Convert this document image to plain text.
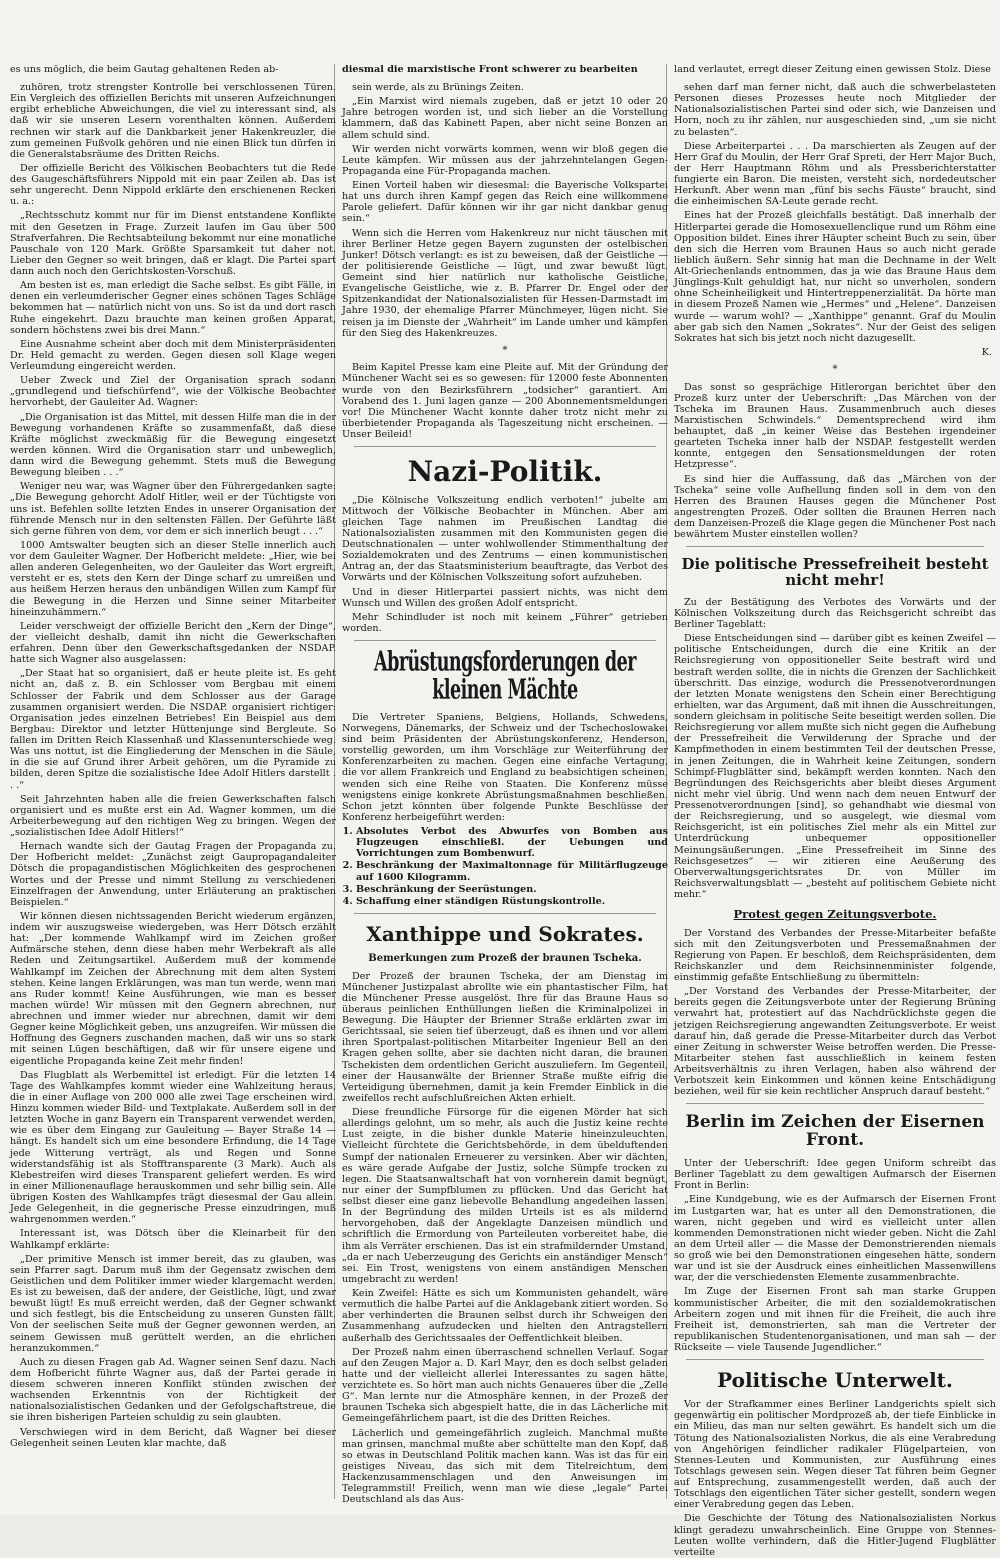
es uns möglich, die beim Gautag gehaltenen Reden ab-	diesmal die marxistische Front schwerer zu bearbeiten	land verlautet, erregt dieser Zeitung einen gewissen Stolz. Diese

zuhören, trotz strengster Kontrolle bei verschlossenen Türen. Ein Vergleich des offiziellen Berichts mit unseren Aufzeichnungen ergibt erhebliche Abweichungen, die viel zu interessant sind, als daß wir sie unseren Lesern vorenthalten können. Außerdem rechnen wir stark auf die Dankbarkeit jener Hakenkreuzler, die zum gemeinen Fußvolk gehören und nie einen Blick tun dürfen in die Generalstabsräume des Dritten Reichs.

Der offizielle Bericht des Völkischen Beobachters tut die Rede des Gaugeschäftsführers Nippold mit ein paar Zeilen ab. Das ist sehr ungerecht. Denn Nippold erklärte den erschienenen Recken u. a.:

„Rechtsschutz kommt nur für im Dienst entstandene Konflikte mit den Gesetzen in Frage. Zurzeit laufen im Gau über 500 Strafverfahren. Die Rechtsabteilung bekommt nur eine monatliche Pauschale von 120 Mark. Größte Sparsamkeit tut daher not. Lieber den Gegner so weit bringen, daß er klagt. Die Partei spart dann auch noch den Gerichtskosten-Vorschuß.

Am besten ist es, man erledigt die Sache selbst. Es gibt Fälle, in denen ein verleumderischer Gegner eines schönen Tages Schläge bekommen hat — natürlich nicht von uns. So ist da und dort rasch Ruhe eingekehrt. Dazu brauchte man keinen großen Apparat, sondern höchstens zwei bis drei Mann.“

Eine Ausnahme scheint aber doch mit dem Ministerpräsidenten Dr. Held gemacht zu werden. Gegen diesen soll Klage wegen Verleumdung eingereicht werden.

Ueber Zweck und Ziel der Organisation sprach sodann „grundlegend und tiefschürfend“, wie der Völkische Beobachter hervorhebt, der Gauleiter Ad. Wagner:

„Die Organisation ist das Mittel, mit dessen Hilfe man die in der Bewegung vorhandenen Kräfte so zusammenfaßt, daß diese Kräfte möglichst zweckmäßig für die Bewegung eingesetzt werden können. Wird die Organisation starr und unbeweglich, dann wird die Bewegung gehemmt. Stets muß die Bewegung Bewegung bleiben . . .“

Weniger neu war, was Wagner über den Führergedanken sagte: „Die Bewegung gehorcht Adolf Hitler, weil er der Tüchtigste von uns ist. Befehlen sollte letzten Endes in unserer Organisation der führende Mensch nur in den seltensten Fällen. Der Geführte läßt sich gerne führen von dem, vor dem er sich innerlich beugt . . .“

1000 Amtswalter beugten sich an dieser Stelle innerlich auch vor dem Gauleiter Wagner. Der Hofbericht meldete: „Hier, wie bei allen anderen Gelegenheiten, wo der Gauleiter das Wort ergreift, versteht er es, stets den Kern der Dinge scharf zu umreißen und aus heißem Herzen heraus den unbändigen Willen zum Kampf für die Bewegung in die Herzen und Sinne seiner Mitarbeiter hineinzuhämmern.“

Leider verschweigt der offizielle Bericht den „Kern der Dinge“, der vielleicht deshalb, damit ihn nicht die Gewerkschaften erfahren. Denn über den Gewerkschaftsgedanken der NSDAP. hatte sich Wagner also ausgelassen:

„Der Staat hat so organisiert, daß er heute pleite ist. Es geht nicht an, daß z. B. ein Schlosser vom Bergbau mit einem Schlosser der Fabrik und dem Schlosser aus der Garage zusammen organisiert werden. Die NSDAP. organisiert richtiger: Organisation jedes einzelnen Betriebes! Ein Beispiel aus dem Bergbau: Direktor und letzter Hüttenjunge sind Bergleute. So fallen im Dritten Reich Klassenhaß und Klassenunterschiede weg. Was uns nottut, ist die Eingliederung der Menschen in die Säule, in die sie auf Grund ihrer Arbeit gehören, um die Pyramide zu bilden, deren Spitze die sozialistische Idee Adolf Hitlers darstellt . . .“

Seit Jahrzehnten haben alle die freien Gewerkschaften falsch organisiert und es mußte erst ein Ad. Wagner kommen, um die Arbeiterbewegung auf den richtigen Weg zu bringen. Wegen der „sozialistischen Idee Adolf Hitlers!“

Hernach wandte sich der Gautag Fragen der Propaganda zu. Der Hofbericht meldet: „Zunächst zeigt Gaupropagandaleiter Dötsch die propagandistischen Möglichkeiten des gesprochenen Wortes und der Presse und nimmt Stellung zu verschiedenen Einzelfragen der Anwendung, unter Erläuterung an praktischen Beispielen.“

Wir können diesen nichtssagenden Bericht wiederum ergänzen, indem wir auszugsweise wiedergeben, was Herr Dötsch erzählt hat: „Der kommende Wahlkampf wird im Zeichen großer Aufmärsche stehen, denn diese haben mehr Werbekraft als alle Reden und Zeitungsartikel. Außerdem muß der kommende Wahlkampf im Zeichen der Abrechnung mit dem alten System stehen. Keine langen Erklärungen, was man tun werde, wenn man ans Ruder kommt! Keine Ausführungen, wie man es besser machen würde! Wir müssen mit den Gegnern abrechnen, nur abrechnen und immer wieder nur abrechnen, damit wir dem Gegner keine Möglichkeit geben, uns anzugreifen. Wir müssen die Hoffnung des Gegners zuschanden machen, daß wir uns so stark mit seinen Lügen beschäftigen, daß wir für unsere eigene und eigentliche Propaganda keine Zeit mehr finden!

Das Flugblatt als Werbemittel ist erledigt. Für die letzten 14 Tage des Wahlkampfes kommt wieder eine Wahlzeitung heraus, die in einer Auflage von 200 000 alle zwei Tage erscheinen wird. Hinzu kommen wieder Bild- und Textplakate. Außerdem soll in der letzten Woche in ganz Bayern ein Transparent verwendet werden, wie es über dem Eingang zur Gauleitung — Bayer Straße 14 — hängt. Es handelt sich um eine besondere Erfindung, die 14 Tage jede Witterung verträgt, als und Regen und Sonne widerstandsfähig ist als Stofftransparente (3 Mark). Auch als Klebestreifen wird dieses Transparent geliefert werden. Es wird in einer Millionenauflage herauskommen und sehr billig sein. Alle übrigen Kosten des Wahlkampfes trägt diesesmal der Gau allein. Jede Gelegenheit, in die gegnerische Presse einzudringen, muß wahrgenommen werden.“

Interessant ist, was Dötsch über die Kleinarbeit für den Wahlkampf erklärte:

„Der primitive Mensch ist immer bereit, das zu glauben, was sein Pfarrer sagt. Darum muß ihm der Gegensatz zwischen dem Geistlichen und dem Politiker immer wieder klargemacht werden. Es ist zu beweisen, daß der andere, der Geistliche, lügt, und zwar bewußt lügt! Es muß erreicht werden, daß der Gegner schwankt und sich festlegt, bis die Entscheidung zu unseren Gunsten fällt. Von der seelischen Seite muß der Gegner gewonnen werden, an seinem Gewissen muß gerüttelt werden, an die ehrlichen heranzukommen.“

Auch zu diesen Fragen gab Ad. Wagner seinen Senf dazu. Nach dem Hofbericht führte Wagner aus, daß der Partei gerade in diesem schweren inneren Konflikt stünden zwischen der wachsenden Erkenntnis von der Richtigkeit der nationalsozialistischen Gedanken und der Gefolgschaftstreue, die sie ihren bisherigen Parteien schuldig zu sein glaubten.

Verschwiegen wird in dem Bericht, daß Wagner bei dieser Gelegenheit seinen Leuten klar machte, daß

sein werde, als zu Brünings Zeiten.

„Ein Marxist wird niemals zugeben, daß er jetzt 10 oder 20 Jahre betrogen worden ist, und sich lieber an die Vorstellung klammern, daß das Kabinett Papen, aber nicht seine Bonzen an allem schuld sind.

Wir werden nicht vorwärts kommen, wenn wir bloß gegen die Leute kämpfen. Wir müssen aus der jahrzehntelangen Gegen-Propaganda eine Für-Propaganda machen.

Einen Vorteil haben wir diesesmal: die Bayerische Volkspartei hat uns durch ihren Kampf gegen das Reich eine willkommene Parole geliefert. Dafür können wir ihr gar nicht dankbar genug sein.“

Wenn sich die Herren vom Hakenkreuz nur nicht täuschen mit ihrer Berliner Hetze gegen Bayern zugunsten der ostelbischen Junker! Dötsch verlangt: es ist zu beweisen, daß der Geistliche — der politisierende Geistliche — lügt, und zwar bewußt lügt. Gemeint sind hier natürlich nur katholische Geistliche, Evangelische Geistliche, wie z. B. Pfarrer Dr. Engel oder der Spitzenkandidat der Nationalsozialisten für Hessen-Darmstadt im Jahre 1930, der ehemalige Pfarrer Münchmeyer, lügen nicht. Sie reisen ja im Dienste der „Wahrheit“ im Lande umher und kämpfen für den Sieg des Hakenkreuzes.

*

Beim Kapitel Presse kam eine Pleite auf. Mit der Gründung der Münchener Wacht sei es so gewesen: für 12000 feste Abonnenten wurde von den Bezirksführern „todsicher“ garantiert. Am Vorabend des 1. Juni lagen ganze — 200 Abonnementsmeldungen vor! Die Münchener Wacht konnte daher trotz nicht mehr zu überbietender Propaganda als Tageszeitung nicht erscheinen. — Unser Beileid!

Nazi-Politik.

„Die Kölnische Volkszeitung endlich verboten!“ jubelte am Mittwoch der Völkische Beobachter in München. Aber am gleichen Tage nahmen im Preußischen Landtag die Nationalsozialisten zusammen mit den Kommunisten gegen die Deutschnationalen — unter wohlwollender Stimmenthaltung der Sozialdemokraten und des Zentrums — einen kommunistischen Antrag an, der das Staatsministerium beauftragte, das Verbot des Vorwärts und der Kölnischen Volkszeitung sofort aufzuheben.

Und in dieser Hitlerpartei passiert nichts, was nicht dem Wunsch und Willen des großen Adolf entspricht.

Mehr Schindluder ist noch mit keinem „Führer“ getrieben worden.

Abrüstungsforderungen der kleinen Mächte

Die Vertreter Spaniens, Belgiens, Hollands, Schwedens, Norwegens, Dänemarks, der Schweiz und der Tschechoslowakei sind beim Präsidenten der Abrüstungskonferenz, Henderson, vorstellig geworden, um ihm Vorschläge zur Weiterführung der Konferenzarbeiten zu machen. Gegen eine einfache Vertagung, die vor allem Frankreich und England zu beabsichtigen scheinen, wenden sich eine Reihe von Staaten. Die Konferenz müsse wenigstens einige konkrete Abrüstungsmaßnahmen beschließen. Schon jetzt könnten über folgende Punkte Beschlüsse der Konferenz herbeigeführt werden:

1. Absolutes Verbot des Abwurfes von Bomben aus Flugzeugen einschließl. der Uebungen und Vorrichtungen zum Bombenwurf.
2. Beschränkung der Maximaltonnage für Militärflugzeuge auf 1600 Kilogramm.
3. Beschränkung der Seerüstungen.
4. Schaffung einer ständigen Rüstungskontrolle.
Xanthippe und Sokrates.
Bemerkungen zum Prozeß der braunen Tscheka.

Der Prozeß der braunen Tscheka, der am Dienstag im Münchener Justizpalast abrollte wie ein phantastischer Film, hat die Münchener Presse ausgelöst. Ihre für das Braune Haus so überaus peinlichen Enthüllungen ließen die Kriminalpolizei in Bewegung. Die Häupter der Brienner Straße erklärten zwar im Gerichtssaal, sie seien tief überzeugt, daß es ihnen und vor allem ihren Sportpalast-politischen Mitarbeiter Ingenieur Bell an den Kragen gehen sollte, aber sie dachten nicht daran, die braunen Tschekisten dem ordentlichen Gericht auszuliefern. Im Gegenteil, einer der Hausanwälte der Brienner Straße mußte eifrig die Verteidigung übernehmen, damit ja kein Fremder Einblick in die zweifellos recht aufschlußreichen Akten erhielt.

Diese freundliche Fürsorge für die eigenen Mörder hat sich allerdings gelohnt, um so mehr, als auch die Justiz keine rechte Lust zeigte, in die bisher dunkle Materie hineinzuleuchten. Vielleicht fürchtete die Gerichtsbehörde, in dem übelduftenden Sumpf der nationalen Erneuerer zu versinken. Aber wir dächten, es wäre gerade Aufgabe der Justiz, solche Sümpfe trocken zu legen. Die Staatsanwaltschaft hat von vornherein damit begnügt, nur einer der Sumpfblumen zu pflücken. Und das Gericht hat selbst dieser eine ganz liebevolle Behandlung angedeihen lassen. In der Begründung des milden Urteils ist es als mildernd hervorgehoben, daß der Angeklagte Danzeisen mündlich und schriftlich die Ermordung von Parteileuten vorbereitet habe, die ihm als Verräter erschienen. Das ist ein strafmildernder Umstand, „da er nach Ueberzeugung des Gerichts ein anständiger Mensch“ sei. Ein Trost, wenigstens von einem anständigen Menschen umgebracht zu werden!

Kein Zweifel: Hätte es sich um Kommunisten gehandelt, wäre vermutlich die halbe Partei auf die Anklagebank zitiert worden. So aber verhinderten die Braunen selbst durch ihr Schweigen den Zusammenhang aufzudecken und hielten den Antragstellern außerhalb des Gerichtssaales der Oeffentlichkeit bleiben.

Der Prozeß nahm einen überraschend schnellen Verlauf. Sogar auf den Zeugen Major a. D. Karl Mayr, den es doch selbst geladen hatte und der vielleicht allerlei Interessantes zu sagen hätte, verzichtete es. So hört man auch nichts Genaueres über die „Zelle G“. Man lernte nur die Atmosphäre kennen, in der Prozeß der braunen Tscheka sich abgespielt hatte, die in das Lächerliche mit Gemeingefährlichem paart, ist die des Dritten Reiches.

Lächerlich und gemeingefährlich zugleich. Manchmal mußte man grinsen, manchmal mußte aber schüttelte man den Kopf, daß so etwas in Deutschland Politik machen kann. Was ist das für ein geistiges Niveau, das sich mit dem Titelreichtum, dem Hackenzusammenschlagen und den Anweisungen im Telegrammstil! Freilich, wenn man wie diese „legale“ Partei Deutschland als das Aus-

sehen darf man ferner nicht, daß auch die schwerbelasteten Personen dieses Prozesses heute noch Mitglieder der Nationalsozialistischen Partei sind oder sich, wie Danzeisen und Horn, noch zu ihr zählen, nur ausgeschieden sind, „um sie nicht zu belasten“.

Diese Arbeiterpartei . . . Da marschierten als Zeugen auf der Herr Graf du Moulin, der Herr Graf Spreti, der Herr Major Buch, der Herr Hauptmann Röhm und als Pressberichterstatter fungierte ein Baron. Die meisten, versteht sich, nordedeutscher Herkunft. Aber wenn man „fünf bis sechs Fäuste“ braucht, sind die einheimischen SA-Leute gerade recht.

Eines hat der Prozeß gleichfalls bestätigt. Daß innerhalb der Hitlerpartei gerade die Homosexuellenclique rund um Röhm eine Opposition bildet. Eines ihrer Häupter scheint Buch zu sein, über den sich die Herren vom Braunen Haus so auch nicht gerade lieblich äußern. Sehr sinnig hat man die Dechname in der Welt Alt-Griechenlands entnommen, das ja wie das Braune Haus dem Jünglings-Kult gehuldigt hat, nur nicht so unverholen, sondern ohne Scheinheiligkeit und Hintertreppenerzialität. Da hörte man in diesem Prozeß Namen wie „Hermes“ und „Helene“. Danzeisen wurde — warum wohl? — „Xanthippe“ genannt. Graf du Moulin aber gab sich den Namen „Sokrates“. Nur der Geist des seligen Sokrates hat sich bis jetzt noch nicht dazugesellt.

K.
*

Das sonst so gesprächige Hitlerorgan berichtet über den Prozeß kurz unter der Ueberschrift: „Das Märchen von der Tscheka im Braunen Haus. Zusammenbruch auch dieses Marxistischen Schwindels.“ Dementsprechend wird ihm behauptet, daß „in keiner Weise das Bestehen irgendeiner gearteten Tscheka inner halb der NSDAP. festgestellt werden konnte, entgegen den Sensationsmeldungen der roten Hetzpresse“.

Es sind hier die Auffassung, daß das „Märchen von der Tscheka“ seine volle Aufhellung finden soll in dem von den Herren des Braunen Hauses gegen die Münchener Post angestrengten Prozeß. Oder sollten die Braunen Herren nach dem Danzeisen-Prozeß die Klage gegen die Münchener Post nach bewährtem Muster einstellen wollen?

Die politische Pressefreiheit besteht nicht mehr!

Zu der Bestätigung des Verbotes des Vorwärts und der Kölnischen Volkszeitung durch das Reichsgericht schreibt das Berliner Tageblatt:

Diese Entscheidungen sind — darüber gibt es keinen Zweifel — politische Entscheidungen, durch die eine Kritik an der Reichsregierung von oppositioneller Seite bestraft wird und bestraft werden sollte, die in nichts die Grenzen der Sachlichkeit überschritt. Das einzige, wodurch die Pressenotverordnungen der letzten Monate wenigstens den Schein einer Berechtigung erhielten, war das Argument, daß mit ihnen die Ausschreitungen, sondern gleichsam in politische Seite beseitigt werden sollen. Die Reichsregierung vor allem mußte sich nicht gegen die Aufhebung der Pressefreiheit die Verwilderung der Sprache und der Kampfmethoden in einem bestimmten Teil der deutschen Presse, in jenen Zeitungen, die in Wahrheit keine Zeitungen, sondern Schimpf-Flugblätter sind, bekämpft werden konnten. Nach den Begründungen des Reichsgerichts aber bleibt dieses Argument nicht mehr viel übrig. Und wenn nach dem neuen Entwurf der Pressenotverordnungen [sind], so gehandhabt wie diesmal von der Reichsregierung, und so ausgelegt, wie diesmal vom Reichsgericht, ist ein politisches Ziel mehr als ein Mittel zur Unterdrückung unbequemer oppositioneller Meinungsäußerungen. „Eine Pressefreiheit im Sinne des Reichsgesetzes“ — wir zitieren eine Aeußerung des Oberverwaltungsgerichtsrates Dr. von Müller im Reichsverwaltungsblatt — „besteht auf politischem Gebiete nicht mehr.“

Protest gegen Zeitungsverbote.

Der Vorstand des Verbandes der Presse-Mitarbeiter befaßte sich mit den Zeitungsverboten und Pressemaßnahmen der Regierung von Papen. Er beschloß, dem Reichspräsidenten, dem Reichskanzler und dem Reichsinnenminister folgende, einstimmig gefaßte Entschließung zu übermitteln:

„Der Vorstand des Verbandes der Presse-Mitarbeiter, der bereits gegen die Zeitungsverbote unter der Regierung Brüning verwahrt hat, protestiert auf das Nachdrücklichste gegen die jetzigen Reichsregierung angewandten Zeitungsverbote. Er weist darauf hin, daß gerade die Presse-Mitarbeiter durch das Verbot einer Zeitung in schwerster Weise betroffen werden. Die Presse-Mitarbeiter stehen fast ausschließlich in keinem festen Arbeitsverhältnis zu ihren Verlagen, haben also während der Verbotszeit kein Einkommen und können keine Entschädigung beziehen, weil für sie kein rechtlicher Anspruch darauf besteht.“

Berlin im Zeichen der Eisernen Front.

Unter der Ueberschrift: Idee gegen Uniform schreibt das Berliner Tageblatt zu dem gewaltigen Aufmarsch der Eisernen Front in Berlin:

„Eine Kundgebung, wie es der Aufmarsch der Eisernen Front im Lustgarten war, hat es unter all den Demonstrationen, die waren, nicht gegeben und wird es vielleicht unter allen kommenden Demonstrationen nicht wieder geben. Nicht die Zahl an dem Urteil aller — die Masse der Demonstrierenden niemals so groß wie bei den Demonstrationen eingesehen hätte, sondern war und ist sie der Ausdruck eines einheitlichen Massenwillens war, der die verschiedensten Elemente zusammenbrachte.

Im Zuge der Eisernen Front sah man starke Gruppen kommunistischer Arbeiter, die mit den sozialdemokratischen Arbeitern zogen und mit ihnen für die Freiheit, die auch ihre Freiheit ist, demonstrierten, sah man die Vertreter der republikanischen Studentenorganisationen, und man sah — der Rückseite — viele Tausende Jugendlicher.“

Politische Unterwelt.

Vor der Strafkammer eines Berliner Landgerichts spielt sich gegenwärtig ein politischer Mordprozeß ab, der tiefe Einblicke in ein Milieu, das man nur selten gewährt. Es handelt sich um die Tötung des Nationalsozialisten Norkus, die als eine Verabredung von Angehörigen feindlicher radikaler Flügelparteien, von Stennes-Leuten und Kommunisten, zur Ausführung eines Totschlags gewesen sein. Wegen dieser Tat führen beim Gegner auf Entsprechung, zusammengestellt werden, daß auch der Totschlags den eigentlichen Täter sicher gestellt, sondern wegen einer Verabredung gegen das Leben.

Die Geschichte der Tötung des Nationalsozialisten Norkus klingt geradezu unwahrscheinlich. Eine Gruppe von Stennes-Leuten wollte verhindern, daß die Hitler-Jugend Flugblätter verteilte
